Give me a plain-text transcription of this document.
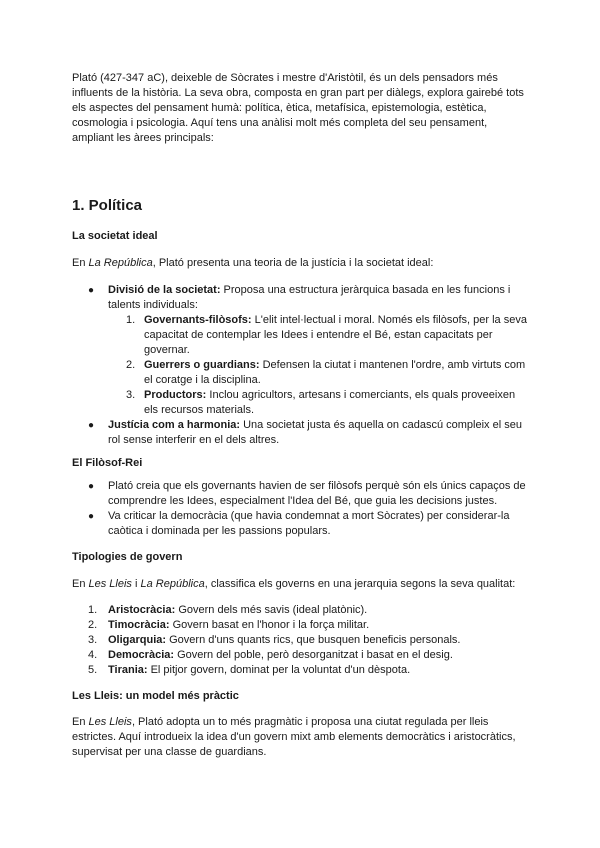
Plató (427-347 aC), deixeble de Sòcrates i mestre d'Aristòtil, és un dels pensadors més influents de la història. La seva obra, composta en gran part per diàlegs, explora gairebé tots els aspectes del pensament humà: política, ètica, metafísica, epistemologia, estètica, cosmologia i psicologia. Aquí tens una anàlisi molt més completa del seu pensament, ampliant les àrees principals:

1. Política
La societat ideal

En La República, Plató presenta una teoria de la justícia i la societat ideal:

● Divisió de la societat: Proposa una estructura jeràrquica basada en les funcions i talents individuals:
1. Governants-filòsofs: L'elit intel·lectual i moral. Només els filòsofs, per la seva capacitat de contemplar les Idees i entendre el Bé, estan capacitats per governar.
2. Guerrers o guardians: Defensen la ciutat i mantenen l'ordre, amb virtuts com el coratge i la disciplina.
3. Productors: Inclou agricultors, artesans i comerciants, els quals proveeixen els recursos materials.
● Justícia com a harmonia: Una societat justa és aquella on cadascú compleix el seu rol sense interferir en el dels altres.
El Filòsof-Rei
● Plató creia que els governants havien de ser filòsofs perquè són els únics capaços de comprendre les Idees, especialment l'Idea del Bé, que guia les decisions justes.
● Va criticar la democràcia (que havia condemnat a mort Sòcrates) per considerar-la caòtica i dominada per les passions populars.
Tipologies de govern

En Les Lleis i La República, classifica els governs en una jerarquia segons la seva qualitat:

1. Aristocràcia: Govern dels més savis (ideal platònic).
2. Timocràcia: Govern basat en l'honor i la força militar.
3. Oligarquia: Govern d'uns quants rics, que busquen beneficis personals.
4. Democràcia: Govern del poble, però desorganitzat i basat en el desig.
5. Tirania: El pitjor govern, dominat per la voluntat d'un dèspota.
Les Lleis: un model més pràctic

En Les Lleis, Plató adopta un to més pragmàtic i proposa una ciutat regulada per lleis estrictes. Aquí introdueix la idea d'un govern mixt amb elements democràtics i aristocràtics, supervisat per una classe de guardians.
